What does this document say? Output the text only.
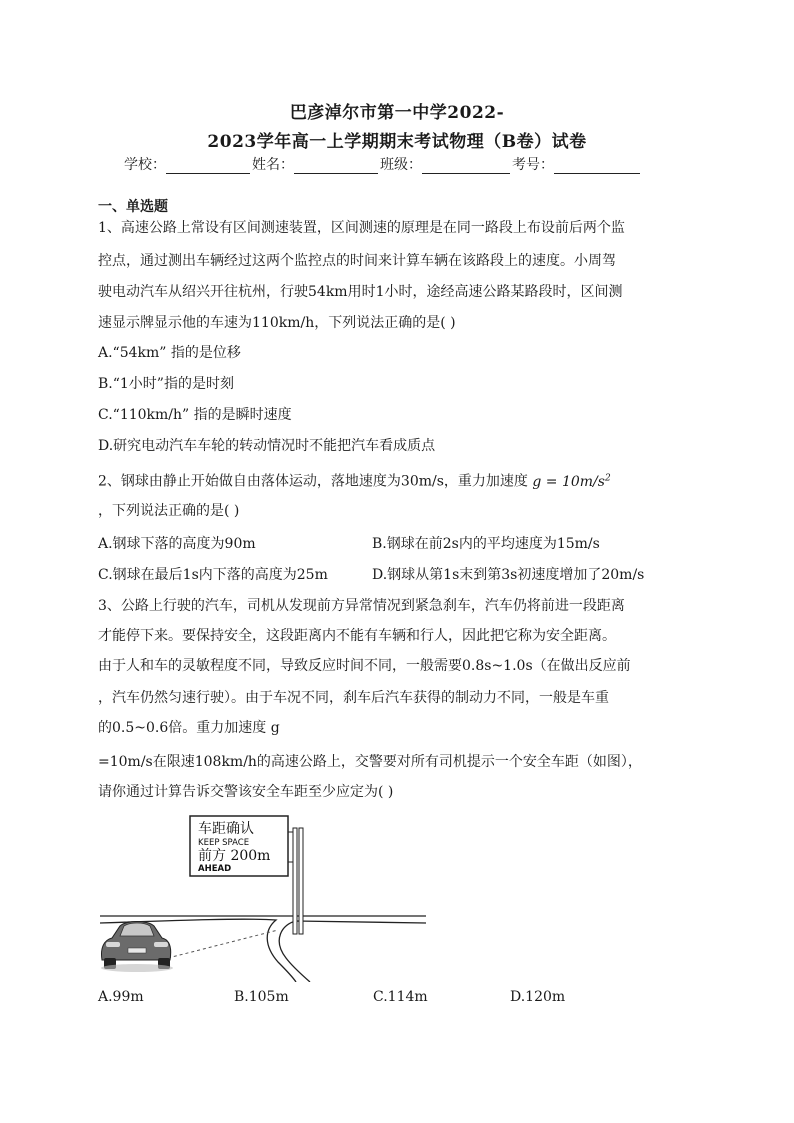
巴彦淖尔市第一中学2022-
2023学年高一上学期期末考试物理（B卷）试卷
学校：	姓名：	班级：	考号：
一、单选题
1、高速公路上常设有区间测速装置，区间测速的原理是在同一路段上布设前后两个监
控点，通过测出车辆经过这两个监控点的时间来计算车辆在该路段上的速度。小周驾
驶电动汽车从绍兴开往杭州，行驶54km用时1小时，途经高速公路某路段时，区间测
速显示牌显示他的车速为110km/h，下列说法正确的是( )
A.“54km” 指的是位移
B.“1小时”指的是时刻
C.“110km/h” 指的是瞬时速度
D.研究电动汽车车轮的转动情况时不能把汽车看成质点
2、钢球由静止开始做自由落体运动，落地速度为30m/s，重力加速度 $g = 10m/s^2$
，下列说法正确的是( )
A.钢球下落的高度为90m	B.钢球在前2s内的平均速度为15m/s
C.钢球在最后1s内下落的高度为25m	D.钢球从第1s末到第3s初速度增加了20m/s
3、公路上行驶的汽车，司机从发现前方异常情况到紧急刹车，汽车仍将前进一段距离
才能停下来。要保持安全，这段距离内不能有车辆和行人，因此把它称为安全距离。
由于人和车的灵敏程度不同，导致反应时间不同，一般需要0.8s~1.0s（在做出反应前
，汽车仍然匀速行驶）。由于车况不同，刹车后汽车获得的制动力不同，一般是车重
的0.5~0.6倍。重力加速度 g
=10m/s在限速108km/h的高速公路上，交警要对所有司机提示一个安全车距（如图），
请你通过计算告诉交警该安全车距至少应定为( )
车距确认
KEEP SPACE
前方 200m
AHEAD
A.99m	B.105m	C.114m	D.120m
